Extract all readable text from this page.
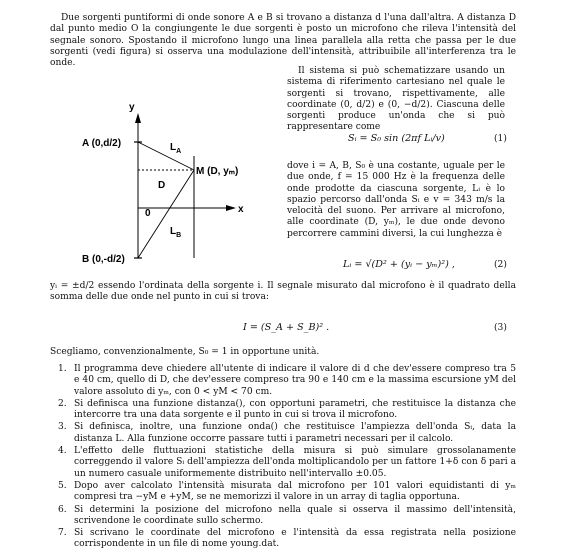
Due sorgenti puntiformi di onde sonore A e B si trovano a distanza d l'una dall'altra. A distanza D dal punto medio O la congiungente le due sorgenti è posto un microfono che rileva l'intensità del segnale sonoro. Spostando il microfono lungo una linea parallela alla retta che passa per le due sorgenti (vedi figura) si osserva una modulazione dell'intensità, attribuibile all'interferenza tra le onde.
y
x
A (0,d/2)
B (0,-d/2)
M (D, yₘ)
0
D
$L_A$
$L_B$
Il sistema si può schematizzare usando un sistema di riferimento cartesiano nel quale le sorgenti si trovano, rispettivamente, alle coordinate (0, d/2) e (0, −d/2). Ciascuna delle sorgenti produce un'onda che si può rappresentare come
Sᵢ = S₀ sin (2πf Lᵢ/v)	(1)
dove i = A, B, S₀ è una costante, uguale per le due onde, f = 15 000 Hz è la frequenza delle onde prodotte da ciascuna sorgente, Lᵢ è lo spazio percorso dall'onda Sᵢ e v = 343 m/s la velocità del suono. Per arrivare al microfono, alle coordinate (D, yₘ), le due onde devono percorrere cammini diversi, la cui lunghezza è
Lᵢ = √(D² + (yᵢ − yₘ)²) ,	(2)
yᵢ = ±d/2 essendo l'ordinata della sorgente i. Il segnale misurato dal microfono è il quadrato della somma delle due onde nel punto in cui si trova:
I = (S_A + S_B)² .	(3)
Scegliamo, convenzionalmente, S₀ = 1 in opportune unità.
1. Il programma deve chiedere all'utente di indicare il valore di d che dev'essere compreso tra 5 e 40 cm, quello di D, che dev'essere compreso tra 90 e 140 cm e la massima escursione yM del valore assoluto di yₘ, con 0 < yM < 70 cm.
2. Si definisca una funzione distanza(), con opportuni parametri, che restituisce la distanza che intercorre tra una data sorgente e il punto in cui si trova il microfono.
3. Si definisca, inoltre, una funzione onda() che restituisce l'ampiezza dell'onda Sᵢ, data la distanza L. Alla funzione occorre passare tutti i parametri necessari per il calcolo.
4. L'effetto delle fluttuazioni statistiche della misura si può simulare grossolanamente correggendo il valore Sᵢ dell'ampiezza dell'onda moltiplicandolo per un fattore 1+δ con δ pari a un numero casuale uniformemente distribuito nell'intervallo ±0.05.
5. Dopo aver calcolato l'intensità misurata dal microfono per 101 valori equidistanti di yₘ compresi tra −yM e +yM, se ne memorizzi il valore in un array di taglia opportuna.
6. Si determini la posizione del microfono nella quale si osserva il massimo dell'intensità, scrivendone le coordinate sullo schermo.
7. Si scrivano le coordinate del microfono e l'intensità da essa registrata nella posizione corrispondente in un file di nome young.dat.
